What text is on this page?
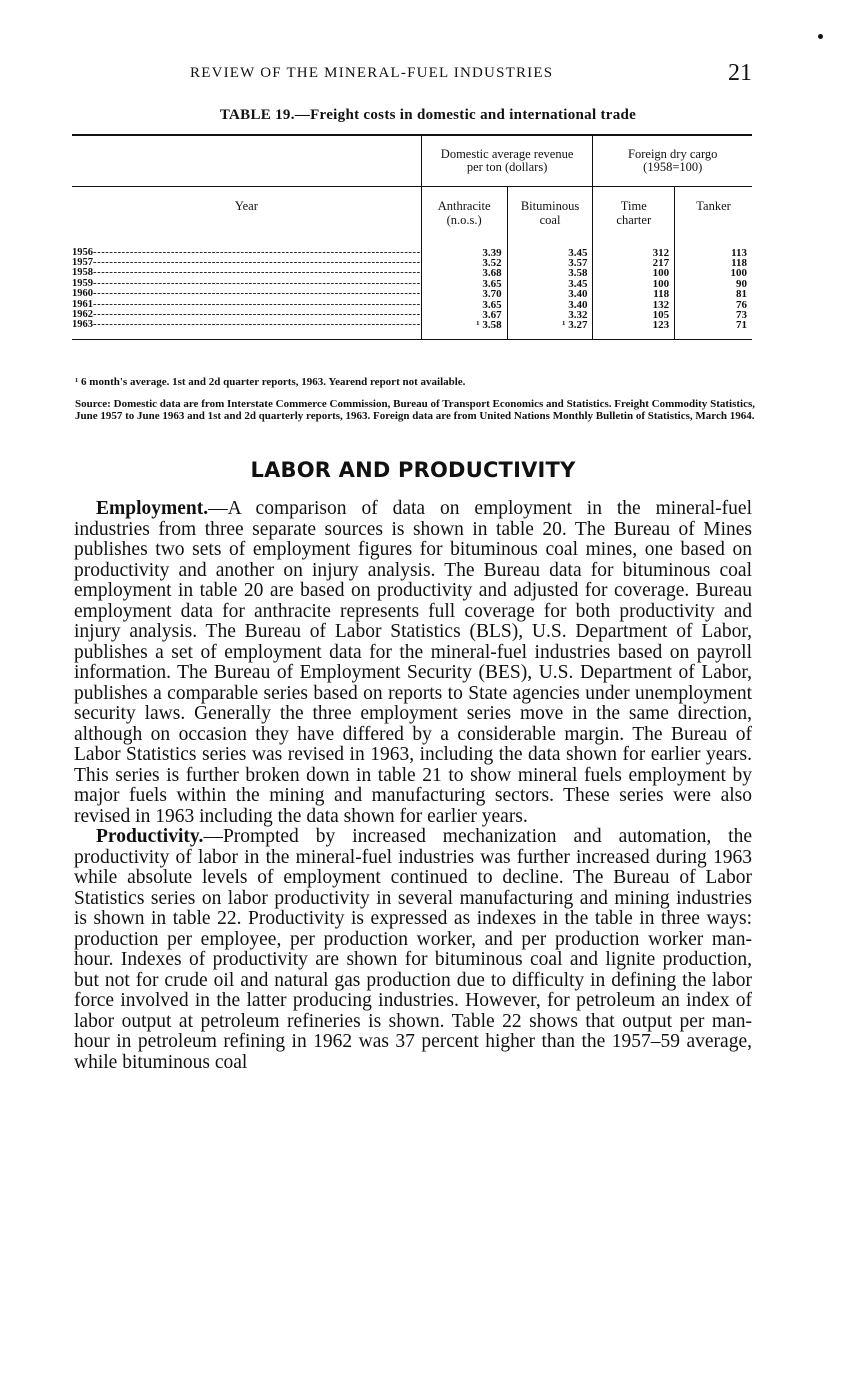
REVIEW OF THE MINERAL-FUEL INDUSTRIES	21
TABLE 19.—Freight costs in domestic and international trade
	Domestic average revenue per ton (dollars)		Foreign dry cargo (1958=100)	
Year	Anthracite (n.o.s.)	Bituminous coal	Time charter	Tanker
1956--------------------------------------------------------------------------------	3.39	3.45	312	113
1957--------------------------------------------------------------------------------	3.52	3.57	217	118
1958--------------------------------------------------------------------------------	3.68	3.58	100	100
1959--------------------------------------------------------------------------------	3.65	3.45	100	90
1960--------------------------------------------------------------------------------	3.70	3.40	118	81
1961--------------------------------------------------------------------------------	3.65	3.40	132	76
1962--------------------------------------------------------------------------------	3.67	3.32	105	73
1963--------------------------------------------------------------------------------	¹ 3.58	¹ 3.27	123	71

¹ 6 month's average. 1st and 2d quarter reports, 1963. Yearend report not available.
Source: Domestic data are from Interstate Commerce Commission, Bureau of Transport Economics and Statistics. Freight Commodity Statistics, June 1957 to June 1963 and 1st and 2d quarterly reports, 1963. Foreign data are from United Nations Monthly Bulletin of Statistics, March 1964.
LABOR AND PRODUCTIVITY

Employment.—A comparison of data on employment in the mineral-fuel industries from three separate sources is shown in table 20. The Bureau of Mines publishes two sets of employment figures for bituminous coal mines, one based on productivity and another on injury analysis. The Bureau data for bituminous coal employment in table 20 are based on productivity and adjusted for coverage. Bureau employment data for anthracite represents full coverage for both productivity and injury analysis. The Bureau of Labor Statistics (BLS), U.S. Department of Labor, publishes a set of employment data for the mineral-fuel industries based on payroll information. The Bureau of Employment Security (BES), U.S. Department of Labor, publishes a comparable series based on reports to State agencies under unemployment security laws. Generally the three employment series move in the same direction, although on occasion they have differed by a considerable margin. The Bureau of Labor Statistics series was revised in 1963, including the data shown for earlier years. This series is further broken down in table 21 to show mineral fuels employment by major fuels within the mining and manufacturing sectors. These series were also revised in 1963 including the data shown for earlier years.

Productivity.—Prompted by increased mechanization and automation, the productivity of labor in the mineral-fuel industries was further increased during 1963 while absolute levels of employment continued to decline. The Bureau of Labor Statistics series on labor productivity in several manufacturing and mining industries is shown in table 22. Productivity is expressed as indexes in the table in three ways: production per employee, per production worker, and per production worker man-hour. Indexes of productivity are shown for bituminous coal and lignite production, but not for crude oil and natural gas production due to difficulty in defining the labor force involved in the latter producing industries. However, for petroleum an index of labor output at petroleum refineries is shown. Table 22 shows that output per man-hour in petroleum refining in 1962 was 37 percent higher than the 1957–59 average, while bituminous coal
